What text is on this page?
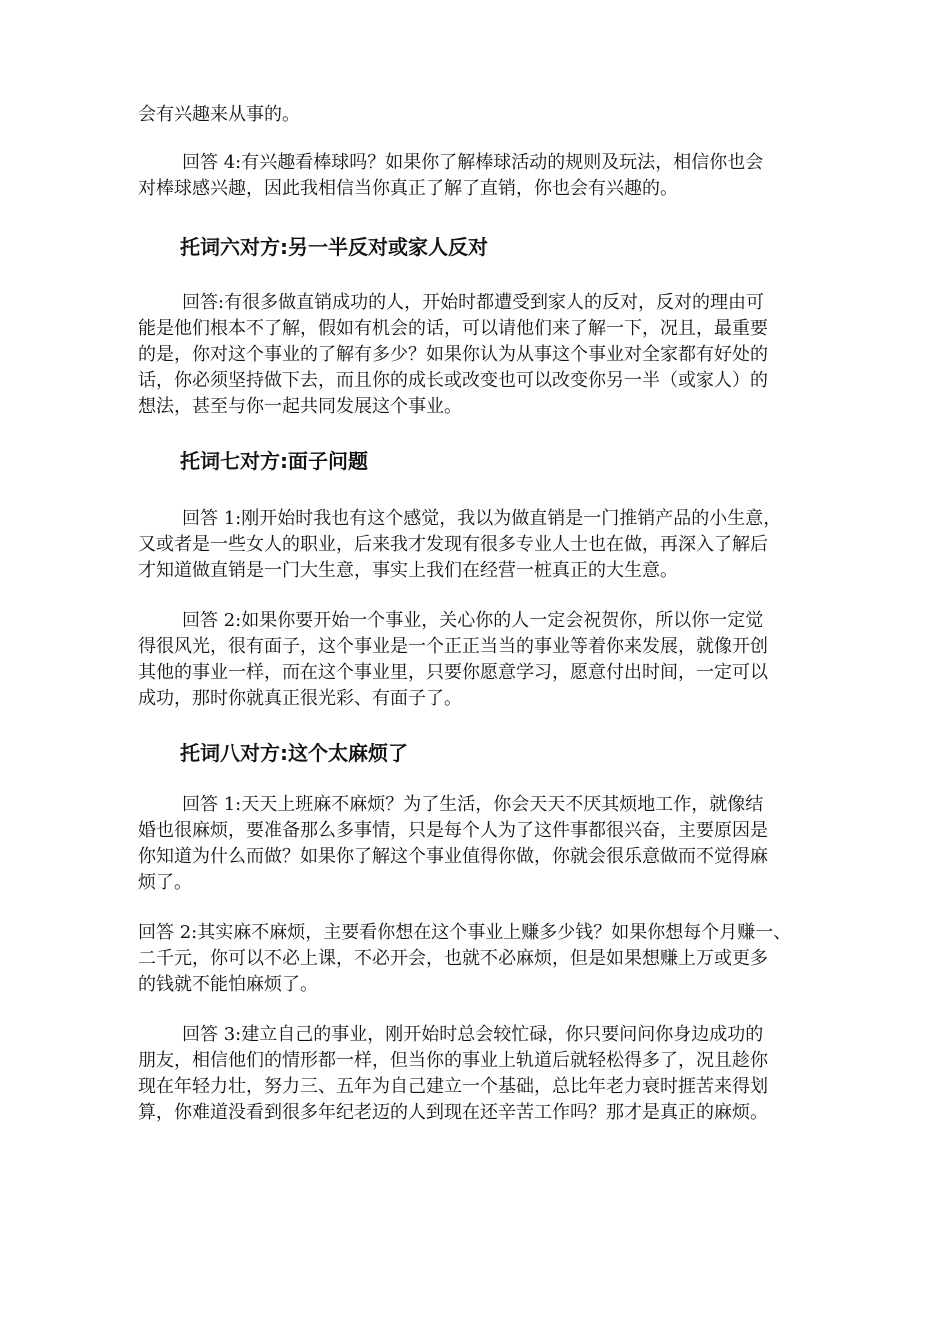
会有兴趣来从事的。

回答 4:有兴趣看棒球吗？如果你了解棒球活动的规则及玩法，相信你也会
对棒球感兴趣，因此我相信当你真正了解了直销，你也会有兴趣的。

托词六对方:另一半反对或家人反对

回答:有很多做直销成功的人，开始时都遭受到家人的反对，反对的理由可
能是他们根本不了解，假如有机会的话，可以请他们来了解一下，况且，最重要
的是，你对这个事业的了解有多少？如果你认为从事这个事业对全家都有好处的
话，你必须坚持做下去，而且你的成长或改变也可以改变你另一半（或家人）的
想法，甚至与你一起共同发展这个事业。

托词七对方:面子问题

回答 1:刚开始时我也有这个感觉，我以为做直销是一门推销产品的小生意，
又或者是一些女人的职业，后来我才发现有很多专业人士也在做，再深入了解后
才知道做直销是一门大生意，事实上我们在经营一桩真正的大生意。

回答 2:如果你要开始一个事业，关心你的人一定会祝贺你，所以你一定觉
得很风光，很有面子，这个事业是一个正正当当的事业等着你来发展，就像开创
其他的事业一样，而在这个事业里，只要你愿意学习，愿意付出时间，一定可以
成功，那时你就真正很光彩、有面子了。

托词八对方:这个太麻烦了

回答 1:天天上班麻不麻烦？为了生活，你会天天不厌其烦地工作，就像结
婚也很麻烦，要准备那么多事情，只是每个人为了这件事都很兴奋，主要原因是
你知道为什么而做？如果你了解这个事业值得你做，你就会很乐意做而不觉得麻
烦了。

回答 2:其实麻不麻烦，主要看你想在这个事业上赚多少钱？如果你想每个月赚一、
二千元，你可以不必上课，不必开会，也就不必麻烦，但是如果想赚上万或更多
的钱就不能怕麻烦了。

回答 3:建立自己的事业，刚开始时总会较忙碌，你只要问问你身边成功的
朋友，相信他们的情形都一样，但当你的事业上轨道后就轻松得多了，况且趁你
现在年轻力壮，努力三、五年为自己建立一个基础，总比年老力衰时捱苦来得划
算，你难道没看到很多年纪老迈的人到现在还辛苦工作吗？那才是真正的麻烦。
